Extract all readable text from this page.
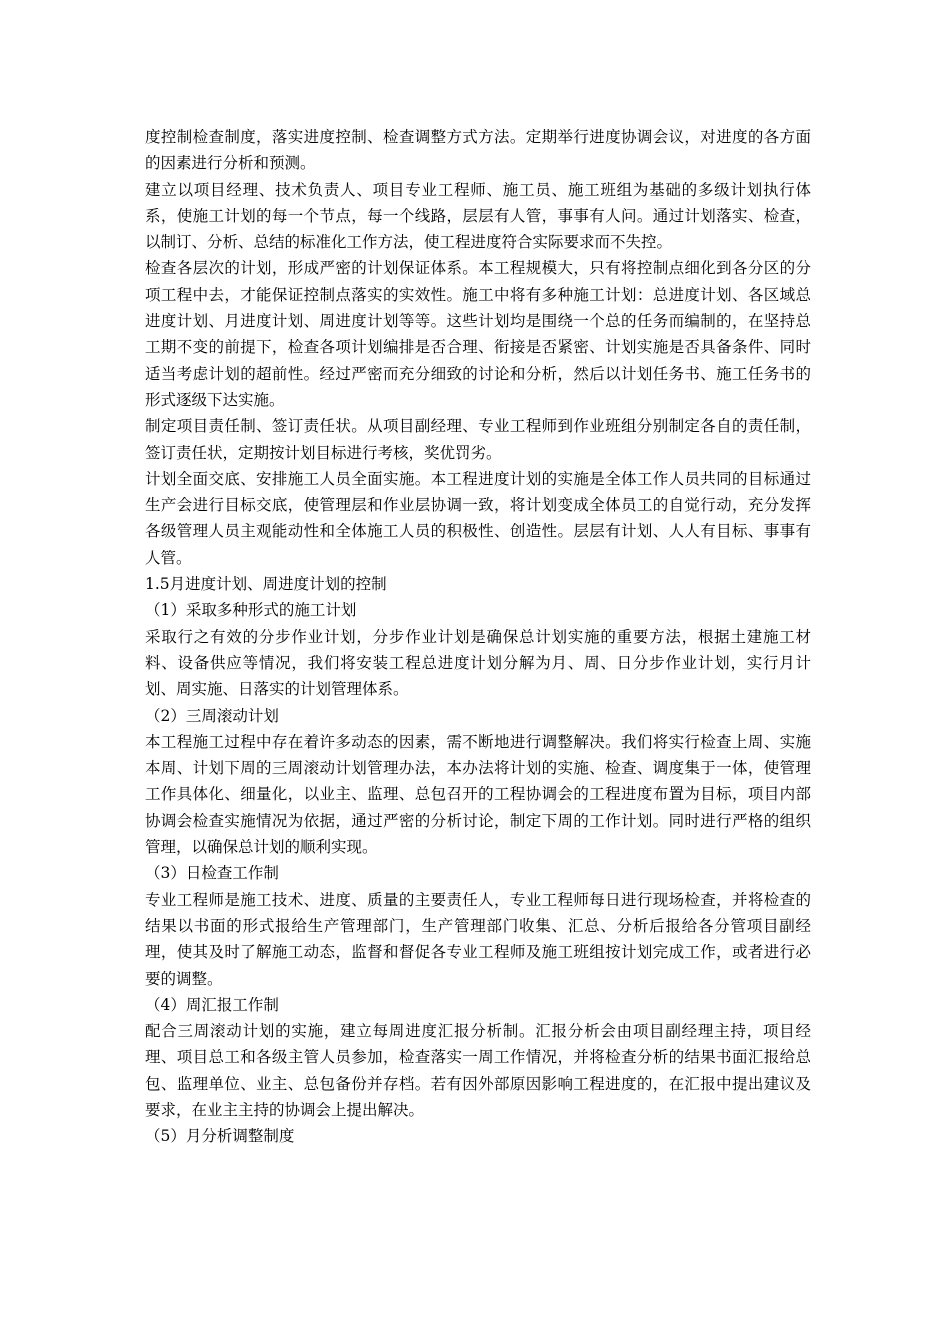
度控制检查制度，落实进度控制、检查调整方式方法。定期举行进度协调会议，对进度的各方面的因素进行分析和预测。

建立以项目经理、技术负责人、项目专业工程师、施工员、施工班组为基础的多级计划执行体系，使施工计划的每一个节点，每一个线路，层层有人管，事事有人问。通过计划落实、检查，以制订、分析、总结的标准化工作方法，使工程进度符合实际要求而不失控。

检查各层次的计划，形成严密的计划保证体系。本工程规模大，只有将控制点细化到各分区的分项工程中去，才能保证控制点落实的实效性。施工中将有多种施工计划：总进度计划、各区域总进度计划、月进度计划、周进度计划等等。这些计划均是围绕一个总的任务而编制的，在坚持总工期不变的前提下，检查各项计划编排是否合理、衔接是否紧密、计划实施是否具备条件、同时适当考虑计划的超前性。经过严密而充分细致的讨论和分析，然后以计划任务书、施工任务书的形式逐级下达实施。

制定项目责任制、签订责任状。从项目副经理、专业工程师到作业班组分别制定各自的责任制，签订责任状，定期按计划目标进行考核，奖优罚劣。

计划全面交底、安排施工人员全面实施。本工程进度计划的实施是全体工作人员共同的目标通过生产会进行目标交底，使管理层和作业层协调一致，将计划变成全体员工的自觉行动，充分发挥各级管理人员主观能动性和全体施工人员的积极性、创造性。层层有计划、人人有目标、事事有人管。

1.5月进度计划、周进度计划的控制

（1）采取多种形式的施工计划

采取行之有效的分步作业计划，分步作业计划是确保总计划实施的重要方法，根据土建施工材料、设备供应等情况，我们将安装工程总进度计划分解为月、周、日分步作业计划，实行月计划、周实施、日落实的计划管理体系。

（2）三周滚动计划

本工程施工过程中存在着许多动态的因素，需不断地进行调整解决。我们将实行检查上周、实施本周、计划下周的三周滚动计划管理办法，本办法将计划的实施、检查、调度集于一体，使管理工作具体化、细量化，以业主、监理、总包召开的工程协调会的工程进度布置为目标，项目内部协调会检查实施情况为依据，通过严密的分析讨论，制定下周的工作计划。同时进行严格的组织管理，以确保总计划的顺利实现。

（3）日检查工作制

专业工程师是施工技术、进度、质量的主要责任人，专业工程师每日进行现场检查，并将检查的结果以书面的形式报给生产管理部门，生产管理部门收集、汇总、分析后报给各分管项目副经理，使其及时了解施工动态，监督和督促各专业工程师及施工班组按计划完成工作，或者进行必要的调整。

（4）周汇报工作制

配合三周滚动计划的实施，建立每周进度汇报分析制。汇报分析会由项目副经理主持，项目经理、项目总工和各级主管人员参加，检查落实一周工作情况，并将检查分析的结果书面汇报给总包、监理单位、业主、总包备份并存档。若有因外部原因影响工程进度的，在汇报中提出建议及要求，在业主主持的协调会上提出解决。

（5）月分析调整制度
